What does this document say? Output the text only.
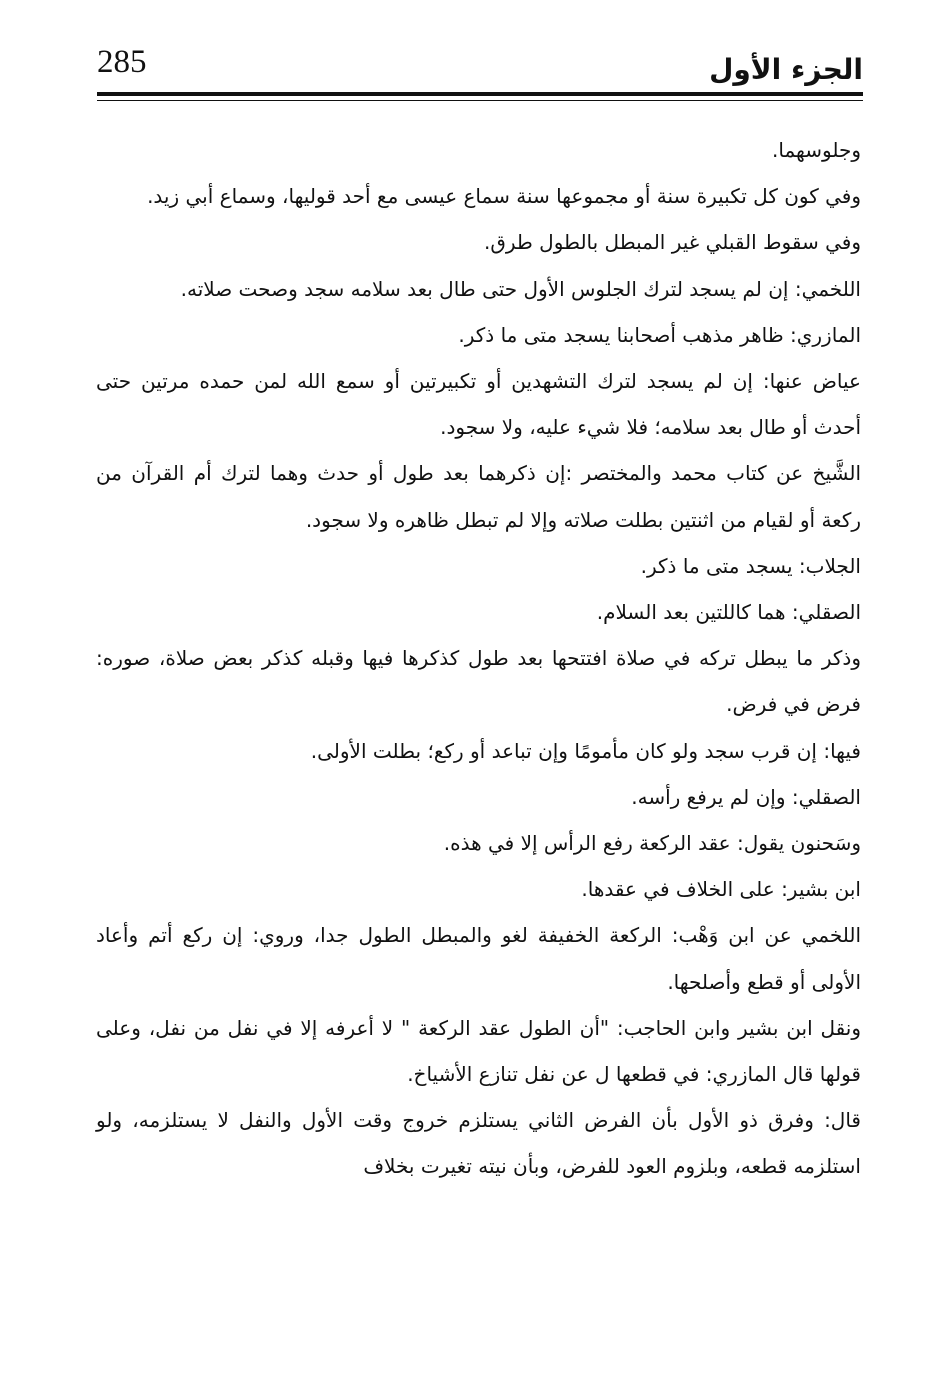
285	الجزء الأول

وجلوسهما.

وفي كون كل تكبيرة سنة أو مجموعها سنة سماع عيسى مع أحد قوليها، وسماع أبي زيد.

وفي سقوط القبلي غير المبطل بالطول طرق.

اللخمي: إن لم يسجد لترك الجلوس الأول حتى طال بعد سلامه سجد وصحت صلاته.

المازري: ظاهر مذهب أصحابنا يسجد متى ما ذكر.

عياض عنها: إن لم يسجد لترك التشهدين أو تكبيرتين أو سمع الله لمن حمده مرتين حتى أحدث أو طال بعد سلامه؛ فلا شيء عليه، ولا سجود.

الشَّيخ عن كتاب محمد والمختصر :إن ذكرهما بعد طول أو حدث وهما لترك أم القرآن من ركعة أو لقيام من اثنتين بطلت صلاته وإلا لم تبطل ظاهره ولا سجود.

الجلاب: يسجد متى ما ذكر.

الصقلي: هما كاللتين بعد السلام.

وذكر ما يبطل تركه في صلاة افتتحها بعد طول كذكرها فيها وقبله كذكر بعض صلاة، صوره: فرض في فرض.

فيها: إن قرب سجد ولو كان مأمومًا وإن تباعد أو ركع؛ بطلت الأولى.

الصقلي: وإن لم يرفع رأسه.

وسَحنون يقول: عقد الركعة رفع الرأس إلا في هذه.

ابن بشير: على الخلاف في عقدها.

اللخمي عن ابن وَهْب: الركعة الخفيفة لغو والمبطل الطول جدا، وروي: إن ركع أتم وأعاد الأولى أو قطع وأصلحها.

ونقل ابن بشير وابن الحاجب: "أن الطول عقد الركعة " لا أعرفه إلا في نفل من نفل، وعلى قولها قال المازري: في قطعها ل عن نفل تنازع الأشياخ.

قال: وفرق ذو الأول بأن الفرض الثاني يستلزم خروج وقت الأول والنفل لا يستلزمه، ولو استلزمه قطعه، وبلزوم العود للفرض، وبأن نيته تغيرت بخلاف
